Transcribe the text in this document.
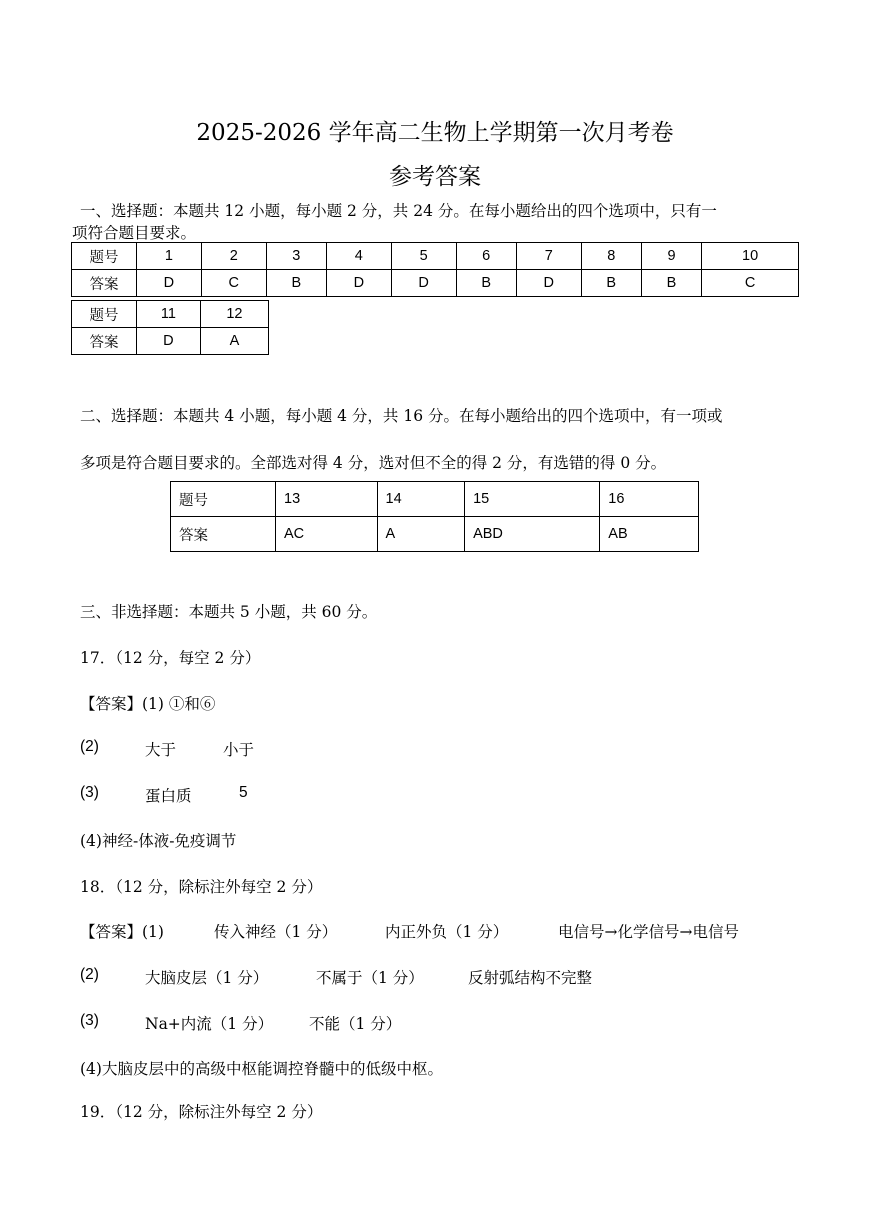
2025-2026 学年高二生物上学期第一次月考卷
参考答案
一、选择题：本题共 12 小题，每小题 2 分，共 24 分。在每小题给出的四个选项中，只有一
项符合题目要求。
题号	1	2	3	4	5	6	7	8	9	10
答案	D	C	B	D	D	B	D	B	B	C
题号	11	12
答案	D	A
二、选择题：本题共 4 小题，每小题 4 分，共 16 分。在每小题给出的四个选项中，有一项或
多项是符合题目要求的。全部选对得 4 分，选对但不全的得 2 分，有选错的得 0 分。
题号	13	14	15	16
答案	AC	A	ABD	AB
三、非选择题：本题共 5 小题，共 60 分。
17．（12 分，每空 2 分）
【答案】(1) ①和⑥
(2)	大于	小于
(3)	蛋白质	5
(4)神经-体液-免疫调节
18．（12 分，除标注外每空 2 分）
【答案】(1)	传入神经（1 分）	内正外负（1 分）	电信号→化学信号→电信号
(2)	大脑皮层（1 分）	不属于（1 分）	反射弧结构不完整
(3)	Na+内流（1 分） 不能（1 分）
(4)大脑皮层中的高级中枢能调控脊髓中的低级中枢。
19．（12 分，除标注外每空 2 分）
